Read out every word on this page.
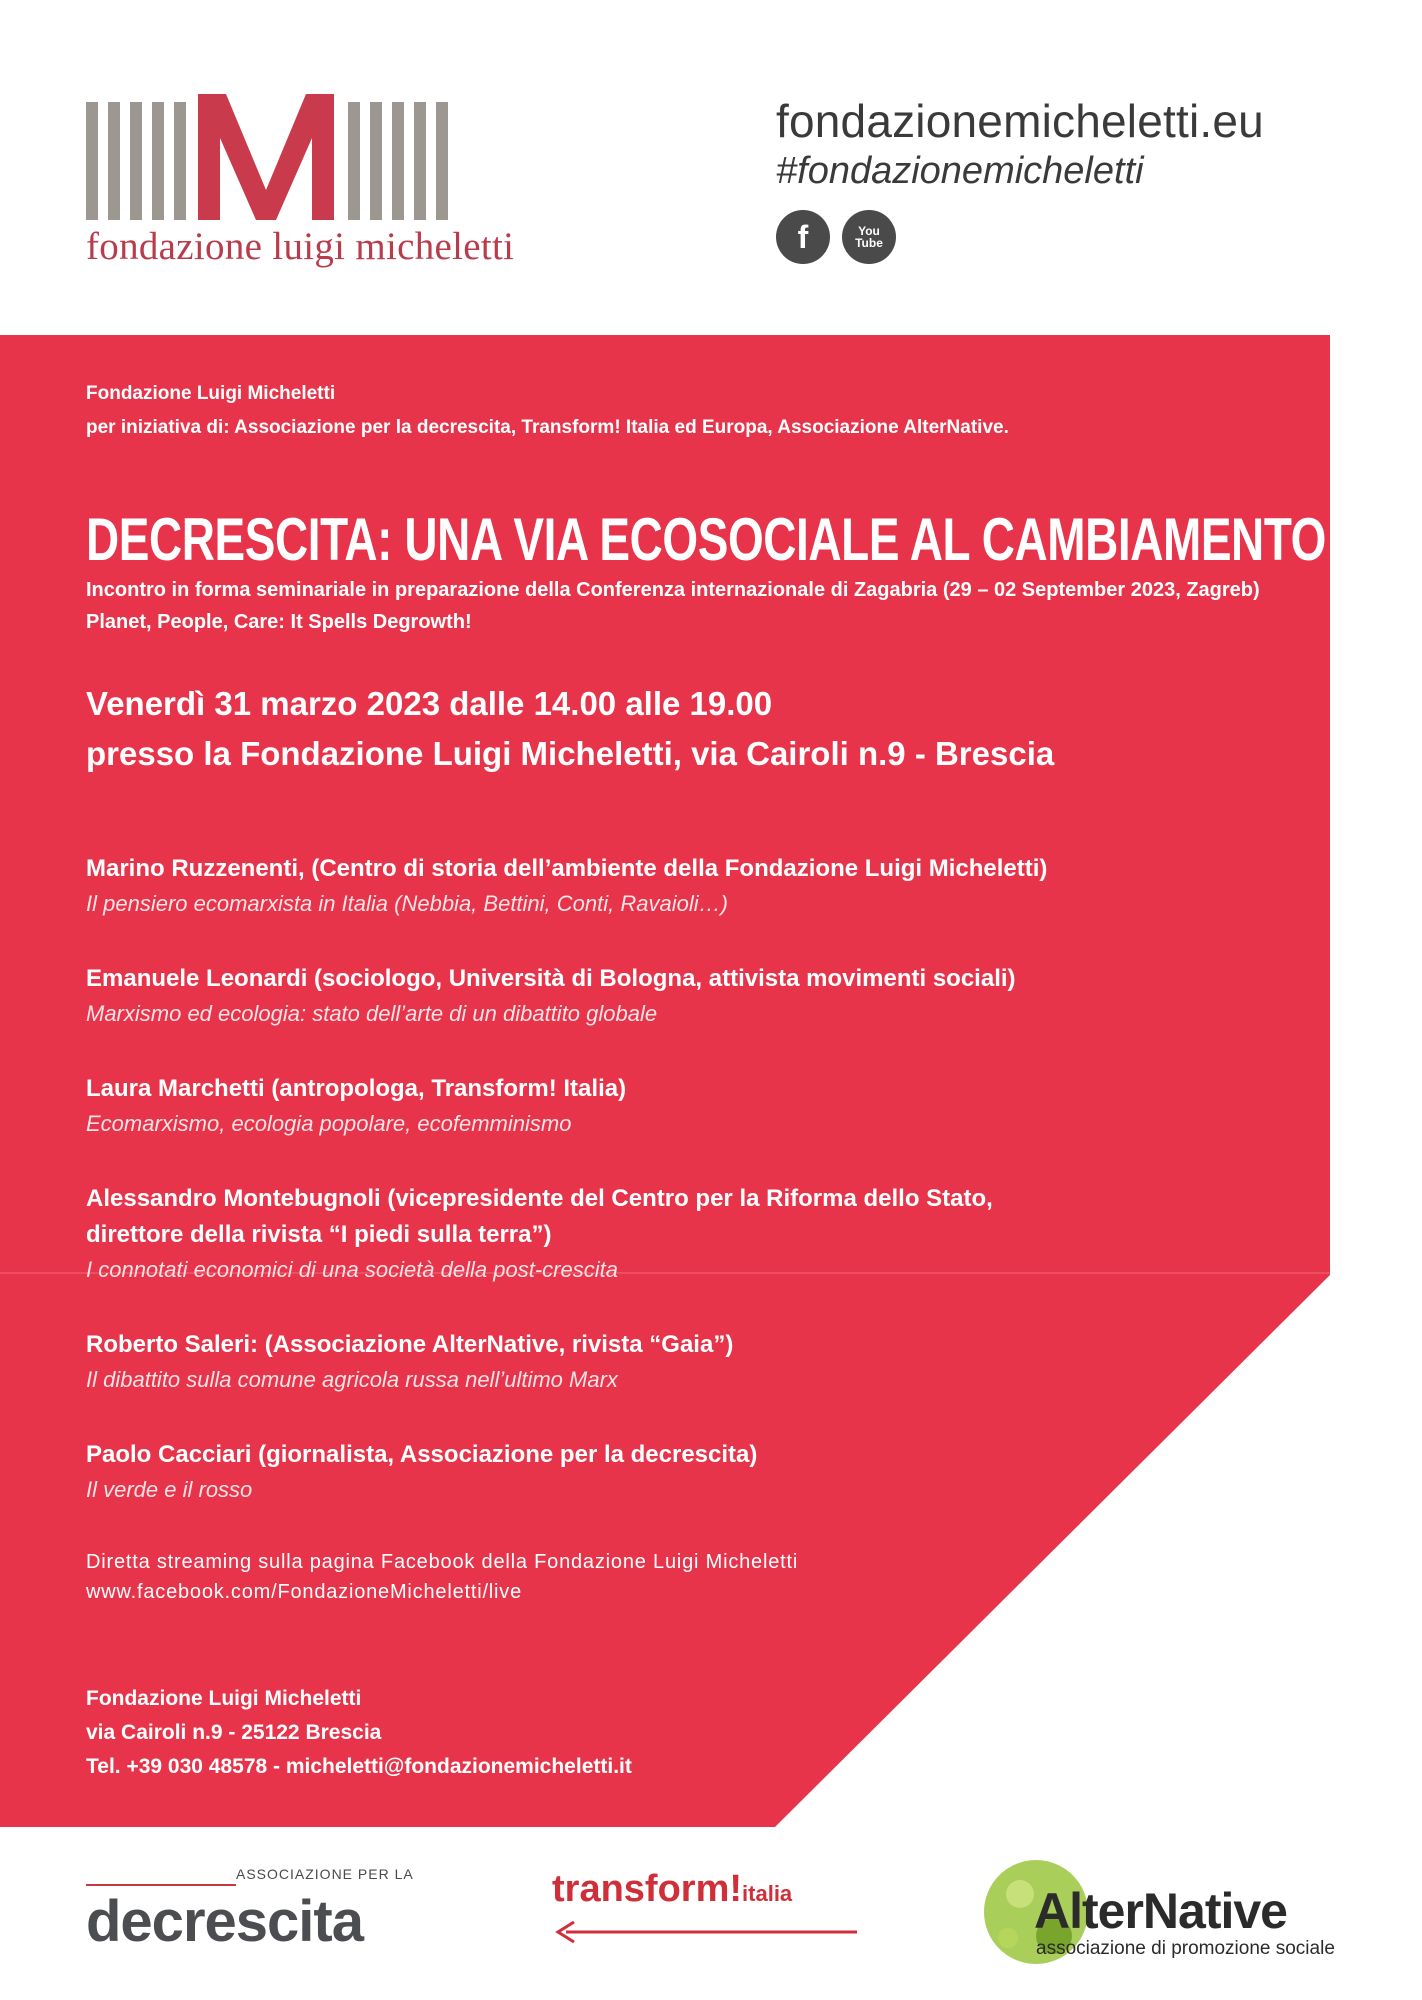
fondazione luigi micheletti
fondazionemicheletti.eu
#fondazionemicheletti
f	You
Tube
Fondazione Luigi Micheletti
per iniziativa di: Associazione per la decrescita, Transform! Italia ed Europa, Associazione AlterNative.
DECRESCITA: UNA VIA ECOSOCIALE AL CAMBIAMENTO
Incontro in forma seminariale in preparazione della Conferenza internazionale di Zagabria (29 – 02 September 2023, Zagreb)
Planet, People, Care: It Spells Degrowth!
Venerdì 31 marzo 2023 dalle 14.00 alle 19.00
presso la Fondazione Luigi Micheletti, via Cairoli n.9 - Brescia
Marino Ruzzenenti, (Centro di storia dell’ambiente della Fondazione Luigi Micheletti)
Il pensiero ecomarxista in Italia (Nebbia, Bettini, Conti, Ravaioli…)
Emanuele Leonardi (sociologo, Università di Bologna, attivista movimenti sociali)
Marxismo ed ecologia: stato dell’arte di un dibattito globale
Laura Marchetti (antropologa, Transform! Italia)
Ecomarxismo, ecologia popolare, ecofemminismo
Alessandro Montebugnoli (vicepresidente del Centro per la Riforma dello Stato,
direttore della rivista “I piedi sulla terra”)
I connotati economici di una società della post-crescita
Roberto Saleri: (Associazione AlterNative, rivista “Gaia”)
Il dibattito sulla comune agricola russa nell’ultimo Marx
Paolo Cacciari (giornalista, Associazione per la decrescita)
Il verde e il rosso
Diretta streaming sulla pagina Facebook della Fondazione Luigi Micheletti
www.facebook.com/FondazioneMicheletti/live
Fondazione Luigi Micheletti
via Cairoli n.9 - 25122 Brescia
Tel. +39 030 48578 - micheletti@fondazionemicheletti.it
ASSOCIAZIONE PER LA
decrescita	transform!italia	AlterNative
associazione di promozione sociale
